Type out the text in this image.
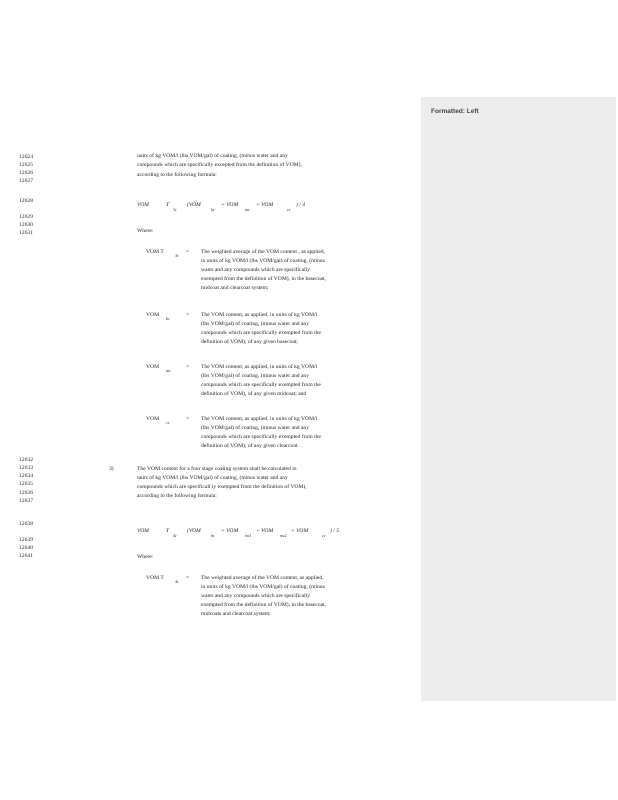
Formatted: Left
12624
12625
12626
12627
12628
12629
12630
12631
12632
12633
12634
12635
12636
12637
12638
12639
12640
12641
units of kg VOM/l (lbs VOM/gal) of coating, (minus water and any
compounds which are specifically excepted from the definition of VOM),
according to the following formula:
VOM	T
3c
(VOM
bc
+ VOM
mc
+ VOM
cc
) / 4
Where:
VOM T
3c
= The weighted average of the VOM content , as applied,
in units of kg VOM/l (lbs VOM/gal) of coating, (minus
water and any compounds which are specifically
exempted from the definition of VOM), in the basecoat,
midcoat and clearcoat system;
VOM
bc
= The VOM content, as applied, in units of kg VOM/l
(lbs VOM/gal) of coating, (minus water and any
compounds which are specifically exempted from the
definition of VOM), of any given basecoat;
VOM
mc
= The VOM content, as applied, in units of kg VOM/l
(lbs VOM/gal) of coating, (minus water and any
compounds which are specifically exempted from the
definition of VOM), of any given midcoat; and
VOM
cc
= The VOM content, as applied, in units of kg VOM/l
(lbs VOM/gal) of coating, (minus water and any
compounds which are specifically exempted from the
definition of VOM), of any given clearcoat.
3)	The VOM content for a four stage coating system shall be calculated in
units of kg VOM/l (lbs VOM/gal) of coating, (minus water and any
compounds which are specificall ly exempted from the definition of VOM),
according to the following formula:
VOM	T
4c
(VOM
bc
+ VOM
mc1
+ VOM
mc2
+ VOM
cc
) / 5
Where:
VOM T
4c
= The weighted average of the VOM content, as applied,
in units of kg VOM/l (lbs VOM/gal) of coating, (minus
water and any compounds which are specifically
exempted from the definition of VOM), in the basecoat,
midcoats and clearcoat system;
